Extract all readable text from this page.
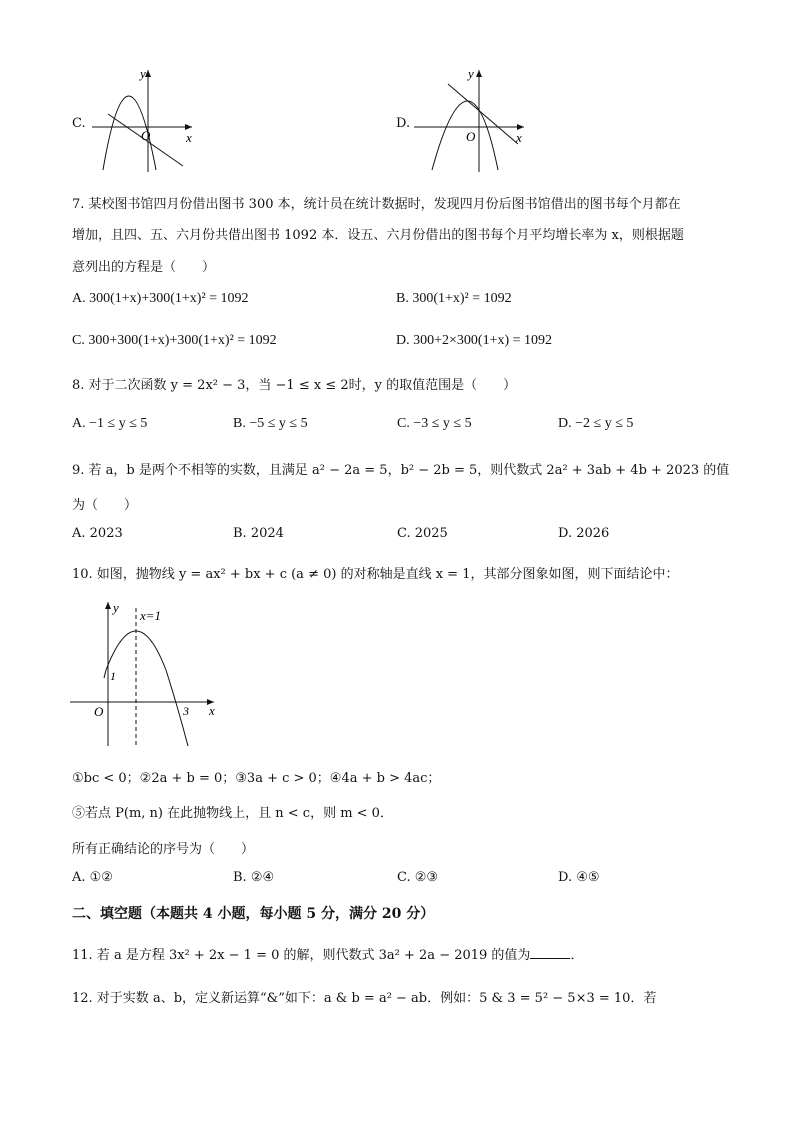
C.
y
x
O
D.
y
x
O
7. 某校图书馆四月份借出图书 300 本，统计员在统计数据时，发现四月份后图书馆借出的图书每个月都在
增加，且四、五、六月份共借出图书 1092 本．设五、六月份借出的图书每个月平均增长率为 x，则根据题
意列出的方程是（　　）
A. 300(1+x)+300(1+x)² = 1092	B. 300(1+x)² = 1092
C. 300+300(1+x)+300(1+x)² = 1092	D. 300+2×300(1+x) = 1092
8. 对于二次函数 y = 2x² − 3，当 −1 ≤ x ≤ 2时，y 的取值范围是（　　）
A. −1 ≤ y ≤ 5	B. −5 ≤ y ≤ 5	C. −3 ≤ y ≤ 5	D. −2 ≤ y ≤ 5
9. 若 a，b 是两个不相等的实数，且满足 a² − 2a = 5，b² − 2b = 5，则代数式 2a² + 3ab + 4b + 2023 的值
为（　　）
A. 2023	B. 2024	C. 2025	D. 2026
10. 如图，抛物线 y = ax² + bx + c (a ≠ 0) 的对称轴是直线 x = 1，其部分图象如图，则下面结论中：
y
x=1
1
O	3 x
①bc < 0；②2a + b = 0；③3a + c > 0；④4a + b > 4ac；
⑤若点 P(m, n) 在此抛物线上，且 n < c，则 m < 0．
所有正确结论的序号为（　　）
A. ①②	B. ②④	C. ②③	D. ④⑤
二、填空题（本题共 4 小题，每小题 5 分，满分 20 分）
11. 若 a 是方程 3x² + 2x − 1 = 0 的解，则代数式 3a² + 2a − 2019 的值为	．
12. 对于实数 a、b，定义新运算“&”如下：a & b = a² − ab．例如：5 & 3 = 5² − 5×3 = 10．若
